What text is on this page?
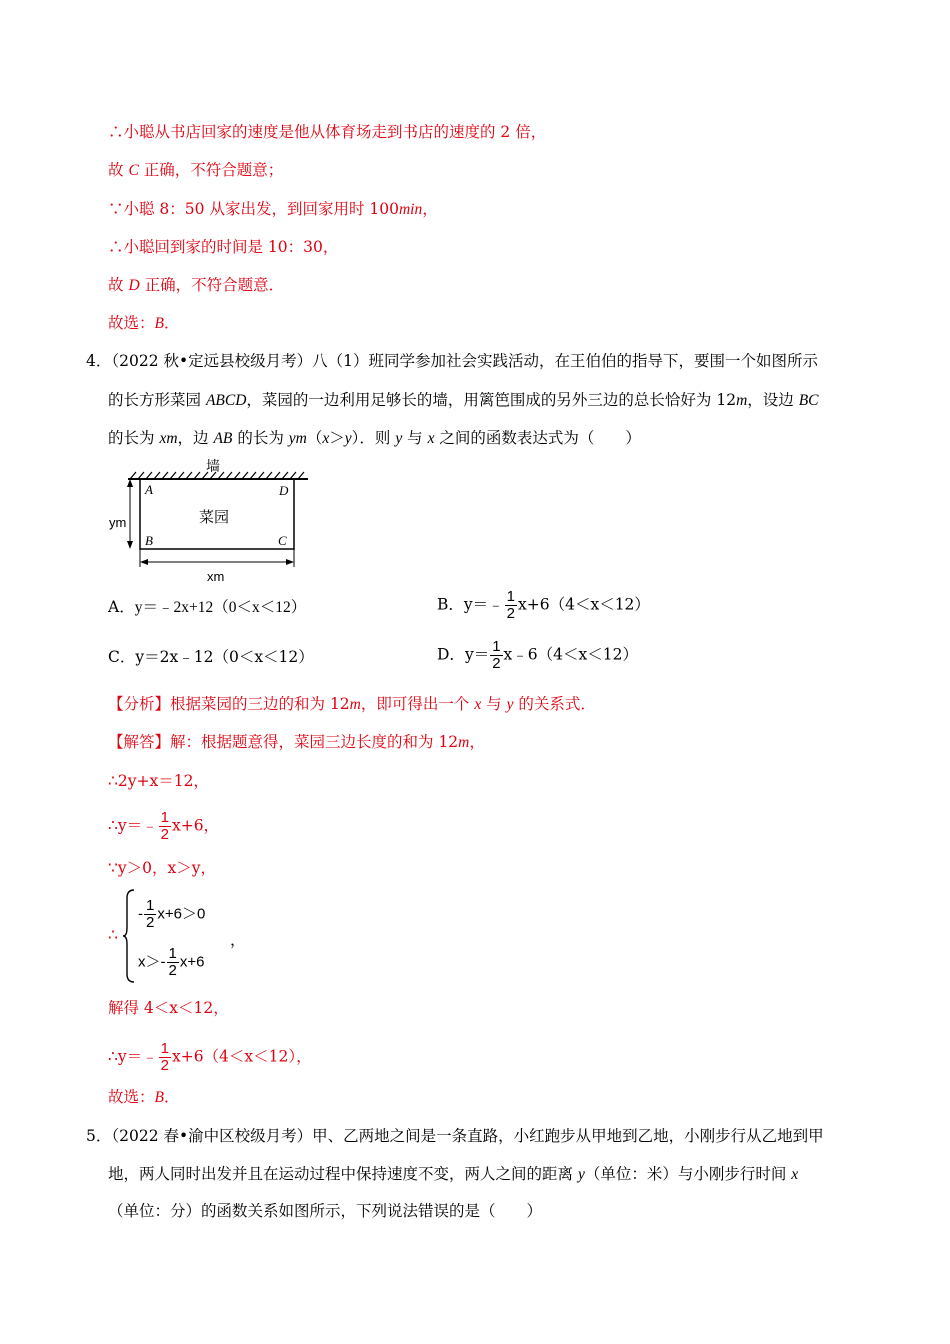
∴小聪从书店回家的速度是他从体育场走到书店的速度的 2 倍，
故 C 正确，不符合题意；
∵小聪 8：50 从家出发，到回家用时 100min，
∴小聪回到家的时间是 10：30，
故 D 正确，不符合题意．
故选：B．
4．（2022 秋•定远县校级月考）八（1）班同学参加社会实践活动，在王伯伯的指导下，要围一个如图所示
的长方形菜园 ABCD，菜园的一边利用足够长的墙，用篱笆围成的另外三边的总长恰好为 12m，设边 BC
的长为 xm，边 AB 的长为 ym（x＞y）．则 y 与 x 之间的函数表达式为（　　）
墙
菜园
A	D
B	C
ym
xm
A．y＝﹣2x+12（0＜x＜12）	B．y＝﹣ $\frac{1}{2} x+6(4<x<12)$
C．y＝2x﹣12（0＜x＜12）	D．$y= \frac{1}{2}$ x﹣6（4＜x＜12）
【分析】根据菜园的三边的和为 12m，即可得出一个 x 与 y 的关系式．
【解答】解：根据题意得，菜园三边长度的和为 12m，
∴2y+x＝12，
∴y＝﹣ $\frac{1}{2} x+6$，
∵y＞0，x＞y，
∴
- $\frac{1}{2} x+6>0$
$x>- \frac{1}{2} x+6$
，
解得 4＜x＜12，
∴y＝﹣ $\frac{1}{2} x+6(4<x<12)$，
故选：B．
5．（2022 春•渝中区校级月考）甲、乙两地之间是一条直路，小红跑步从甲地到乙地，小刚步行从乙地到甲
地，两人同时出发并且在运动过程中保持速度不变，两人之间的距离 y（单位：米）与小刚步行时间 x
（单位：分）的函数关系如图所示，下列说法错误的是（　　）
